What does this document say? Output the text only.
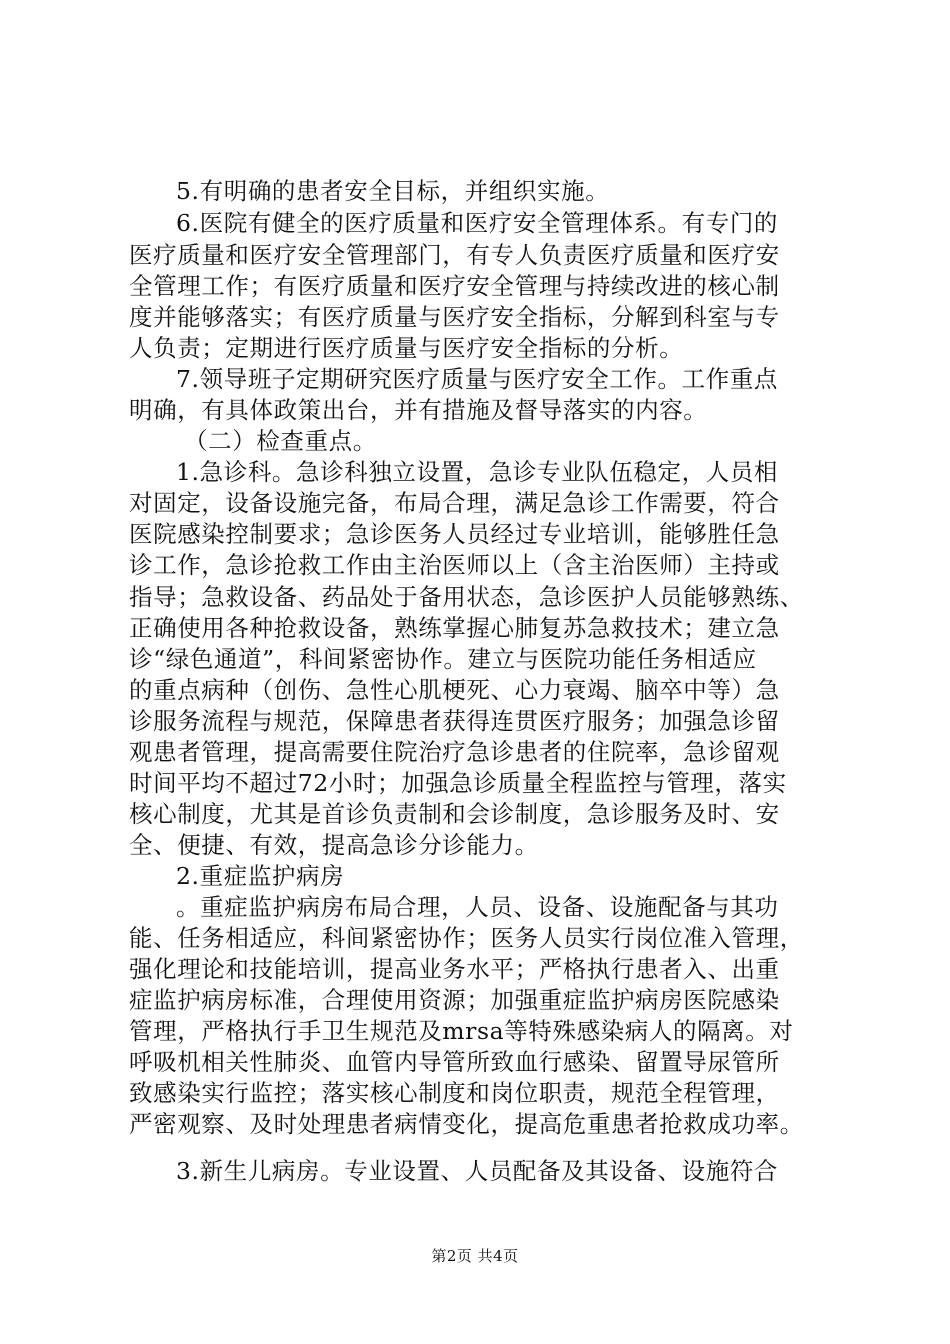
5.有明确的患者安全目标，并组织实施。
6.医院有健全的医疗质量和医疗安全管理体系。有专门的
医疗质量和医疗安全管理部门，有专人负责医疗质量和医疗安
全管理工作；有医疗质量和医疗安全管理与持续改进的核心制
度并能够落实；有医疗质量与医疗安全指标，分解到科室与专
人负责；定期进行医疗质量与医疗安全指标的分析。
7.领导班子定期研究医疗质量与医疗安全工作。工作重点
明确，有具体政策出台，并有措施及督导落实的内容。
（二）检查重点。
1.急诊科。急诊科独立设置，急诊专业队伍稳定，人员相
对固定，设备设施完备，布局合理，满足急诊工作需要，符合
医院感染控制要求；急诊医务人员经过专业培训，能够胜任急
诊工作，急诊抢救工作由主治医师以上（含主治医师）主持或
指导；急救设备、药品处于备用状态，急诊医护人员能够熟练、
正确使用各种抢救设备，熟练掌握心肺复苏急救技术；建立急
诊“绿色通道”，科间紧密协作。建立与医院功能任务相适应
的重点病种（创伤、急性心肌梗死、心力衰竭、脑卒中等）急
诊服务流程与规范，保障患者获得连贯医疗服务；加强急诊留
观患者管理，提高需要住院治疗急诊患者的住院率，急诊留观
时间平均不超过72小时；加强急诊质量全程监控与管理，落实
核心制度，尤其是首诊负责制和会诊制度，急诊服务及时、安
全、便捷、有效，提高急诊分诊能力。
2.重症监护病房
。重症监护病房布局合理，人员、设备、设施配备与其功
能、任务相适应，科间紧密协作；医务人员实行岗位准入管理，
强化理论和技能培训，提高业务水平；严格执行患者入、出重
症监护病房标准，合理使用资源；加强重症监护病房医院感染
管理，严格执行手卫生规范及mrsa等特殊感染病人的隔离。对
呼吸机相关性肺炎、血管内导管所致血行感染、留置导尿管所
致感染实行监控；落实核心制度和岗位职责，规范全程管理，
严密观察、及时处理患者病情变化，提高危重患者抢救成功率。
3.新生儿病房。专业设置、人员配备及其设备、设施符合
第2页 共4页
